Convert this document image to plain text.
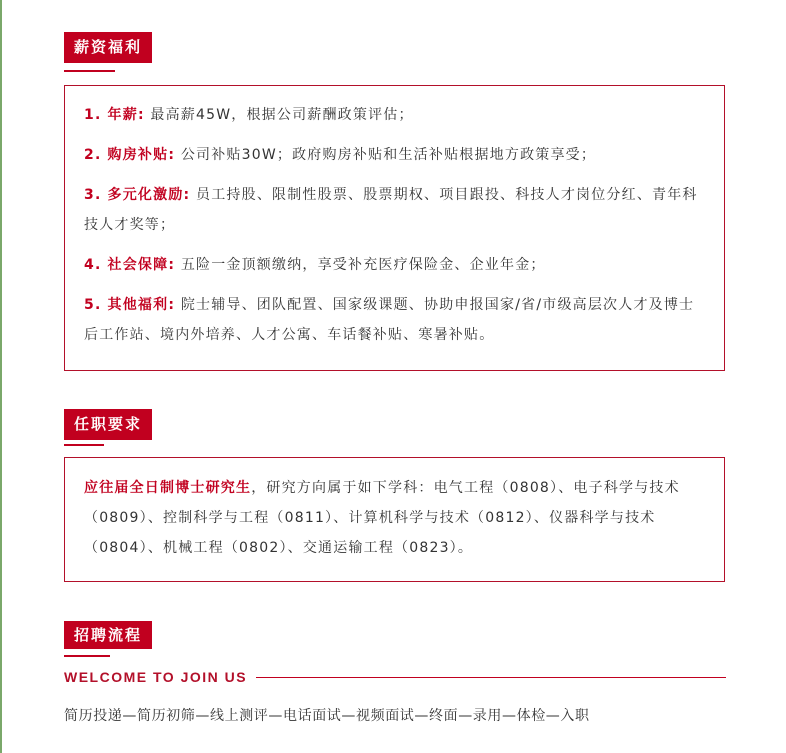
薪资福利

1. 年薪: 最高薪45W，根据公司薪酬政策评估；

2. 购房补贴: 公司补贴30W；政府购房补贴和生活补贴根据地方政策享受；

3. 多元化激励: 员工持股、限制性股票、股票期权、项目跟投、科技人才岗位分红、青年科技人才奖等；

4. 社会保障: 五险一金顶额缴纳，享受补充医疗保险金、企业年金；

5. 其他福利: 院士辅导、团队配置、国家级课题、协助申报国家/省/市级高层次人才及博士后工作站、境内外培养、人才公寓、车话餐补贴、寒暑补贴。

任职要求

应往届全日制博士研究生，研究方向属于如下学科：电气工程（0808）、电子科学与技术（0809）、控制科学与工程（0811）、计算机科学与技术（0812）、仪器科学与技术（0804）、机械工程（0802）、交通运输工程（0823）。

招聘流程
WELCOME TO JOIN US
简历投递—简历初筛—线上测评—电话面试—视频面试—终面—录用—体检—入职
